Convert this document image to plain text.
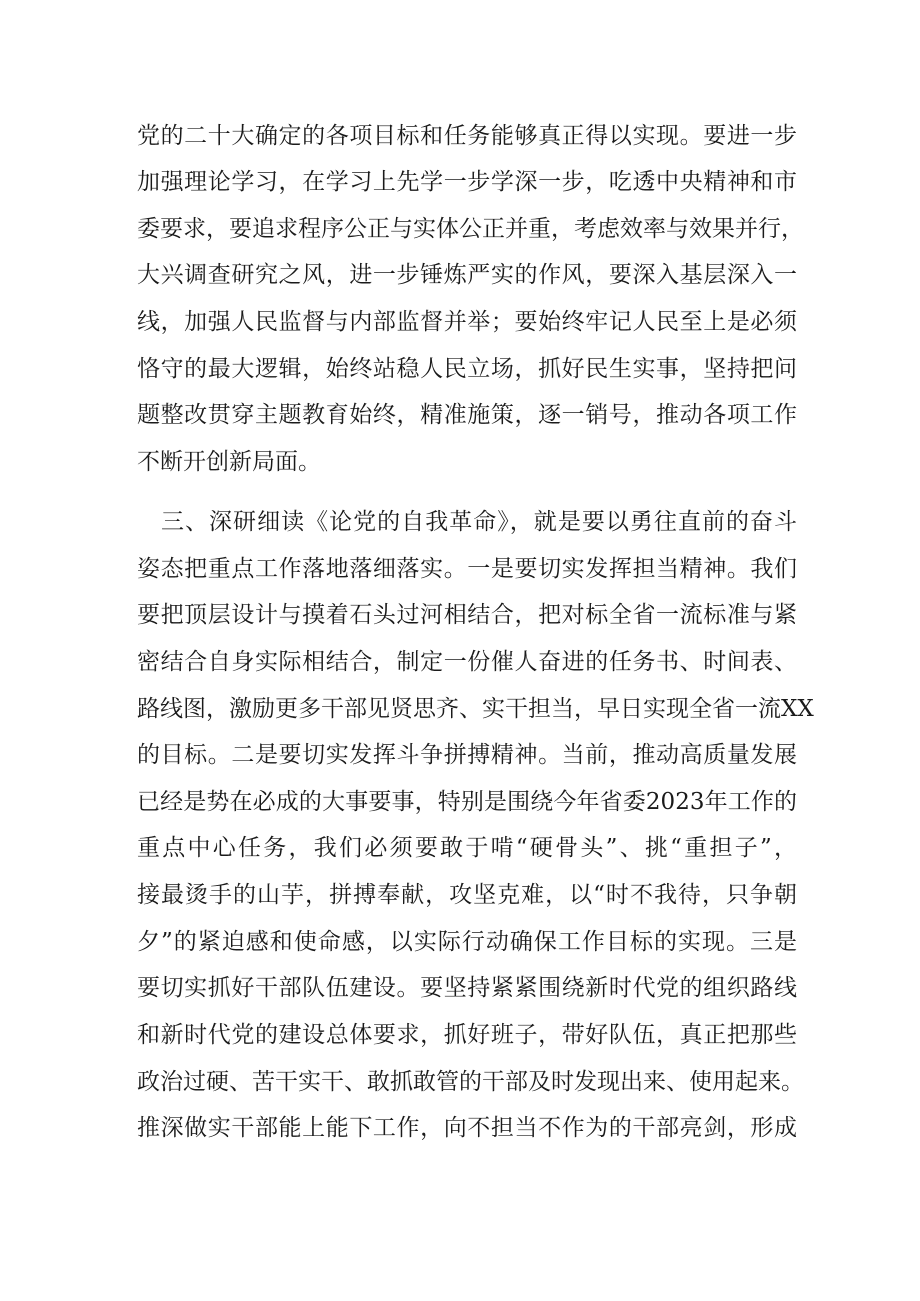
党的二十大确定的各项目标和任务能够真正得以实现。要进一步
加强理论学习，在学习上先学一步学深一步，吃透中央精神和市
委要求，要追求程序公正与实体公正并重，考虑效率与效果并行，
大兴调查研究之风，进一步锤炼严实的作风，要深入基层深入一
线，加强人民监督与内部监督并举；要始终牢记人民至上是必须
恪守的最大逻辑，始终站稳人民立场，抓好民生实事，坚持把问
题整改贯穿主题教育始终，精准施策，逐一销号，推动各项工作
不断开创新局面。
三、深研细读《论党的自我革命》，就是要以勇往直前的奋斗
姿态把重点工作落地落细落实。一是要切实发挥担当精神。我们
要把顶层设计与摸着石头过河相结合，把对标全省一流标准与紧
密结合自身实际相结合，制定一份催人奋进的任务书、时间表、
路线图，激励更多干部见贤思齐、实干担当，早日实现全省一流XX
的目标。二是要切实发挥斗争拼搏精神。当前，推动高质量发展
已经是势在必成的大事要事，特别是围绕今年省委2023年工作的
重点中心任务，我们必须要敢于啃“硬骨头”、挑“重担子”，
接最烫手的山芋，拼搏奉献，攻坚克难，以“时不我待，只争朝
夕”的紧迫感和使命感，以实际行动确保工作目标的实现。三是
要切实抓好干部队伍建设。要坚持紧紧围绕新时代党的组织路线
和新时代党的建设总体要求，抓好班子，带好队伍，真正把那些
政治过硬、苦干实干、敢抓敢管的干部及时发现出来、使用起来。
推深做实干部能上能下工作，向不担当不作为的干部亮剑，形成
